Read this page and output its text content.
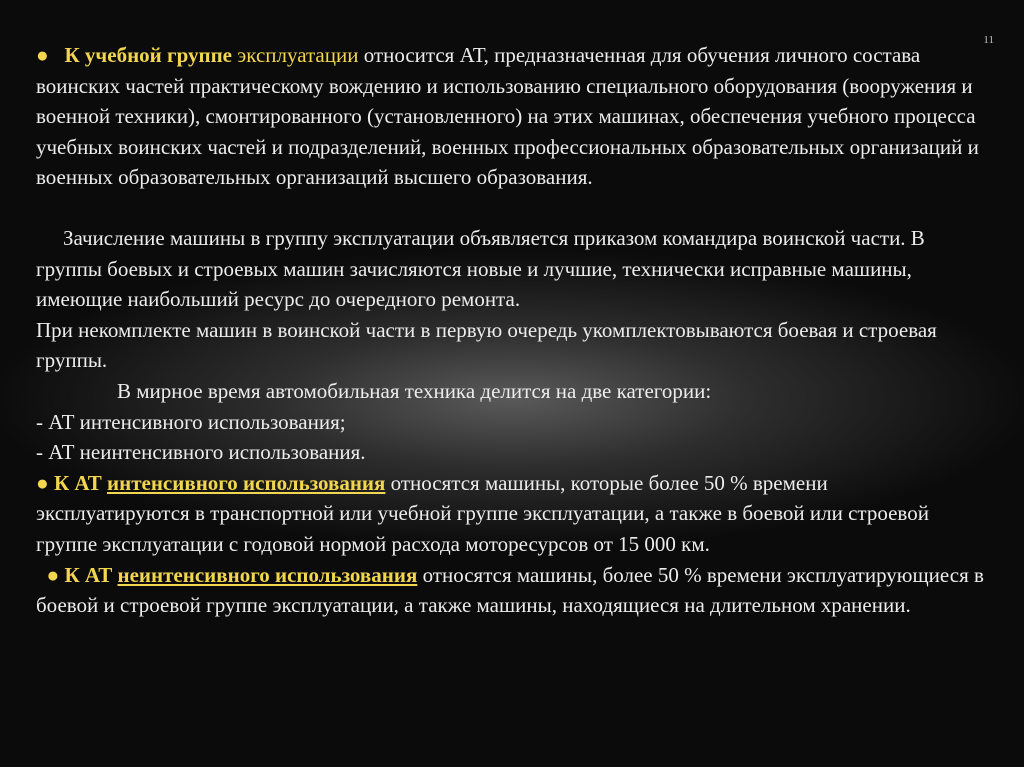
11

● К учебной группе эксплуатации относится АТ, предназначенная для обучения личного состава воинских частей практическому вождению и использованию специального оборудования (вооружения и военной техники), смонтированного (установленного) на этих машинах, обеспечения учебного процесса учебных воинских частей и подразделений, военных профессиональных образовательных организаций и военных образовательных организаций высшего образования.

Зачисление машины в группу эксплуатации объявляется приказом командира воинской части. В группы боевых и строевых машин зачисляются новые и лучшие, технически исправные машины, имеющие наибольший ресурс до очередного ремонта.

При некомплекте машин в воинской части в первую очередь укомплектовываются боевая и строевая группы.

В мирное время автомобильная техника делится на две категории:

- АТ интенсивного использования;

- АТ неинтенсивного использования.

● К АТ интенсивного использования относятся машины, которые более 50 % времени эксплуатируются в транспортной или учебной группе эксплуатации, а также в боевой или строевой группе эксплуатации с годовой нормой расхода моторесурсов от 15 000 км.

● К АТ неинтенсивного использования относятся машины, более 50 % времени эксплуатирующиеся в боевой и строевой группе эксплуатации, а также машины, находящиеся на длительном хранении.
